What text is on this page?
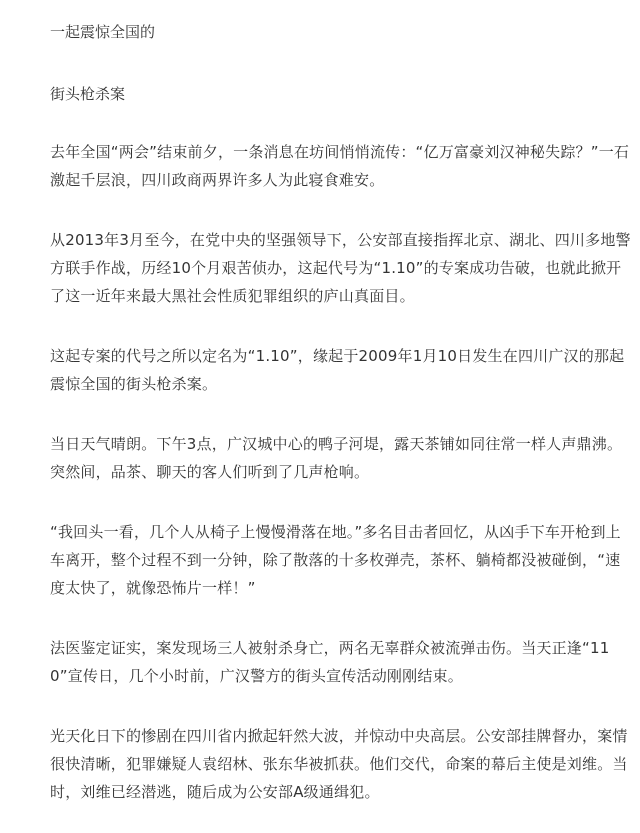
一起震惊全国的
街头枪杀案

去年全国“两会”结束前夕，一条消息在坊间悄悄流传：“亿万富豪刘汉神秘失踪？”一石激起千层浪，四川政商两界许多人为此寝食难安。

从2013年3月至今，在党中央的坚强领导下，公安部直接指挥北京、湖北、四川多地警方联手作战，历经10个月艰苦侦办，这起代号为“1.10”的专案成功告破，也就此掀开了这一近年来最大黑社会性质犯罪组织的庐山真面目。

这起专案的代号之所以定名为“1.10”，缘起于2009年1月10日发生在四川广汉的那起震惊全国的街头枪杀案。

当日天气晴朗。下午3点，广汉城中心的鸭子河堤，露天茶铺如同往常一样人声鼎沸。突然间，品茶、聊天的客人们听到了几声枪响。

“我回头一看，几个人从椅子上慢慢滑落在地。”多名目击者回忆，从凶手下车开枪到上车离开，整个过程不到一分钟，除了散落的十多枚弹壳，茶杯、躺椅都没被碰倒，“速度太快了，就像恐怖片一样！”

法医鉴定证实，案发现场三人被射杀身亡，两名无辜群众被流弹击伤。当天正逢“110”宣传日，几个小时前，广汉警方的街头宣传活动刚刚结束。

光天化日下的惨剧在四川省内掀起轩然大波，并惊动中央高层。公安部挂牌督办，案情很快清晰，犯罪嫌疑人袁绍林、张东华被抓获。他们交代，命案的幕后主使是刘维。当时，刘维已经潜逃，随后成为公安部A级通缉犯。
